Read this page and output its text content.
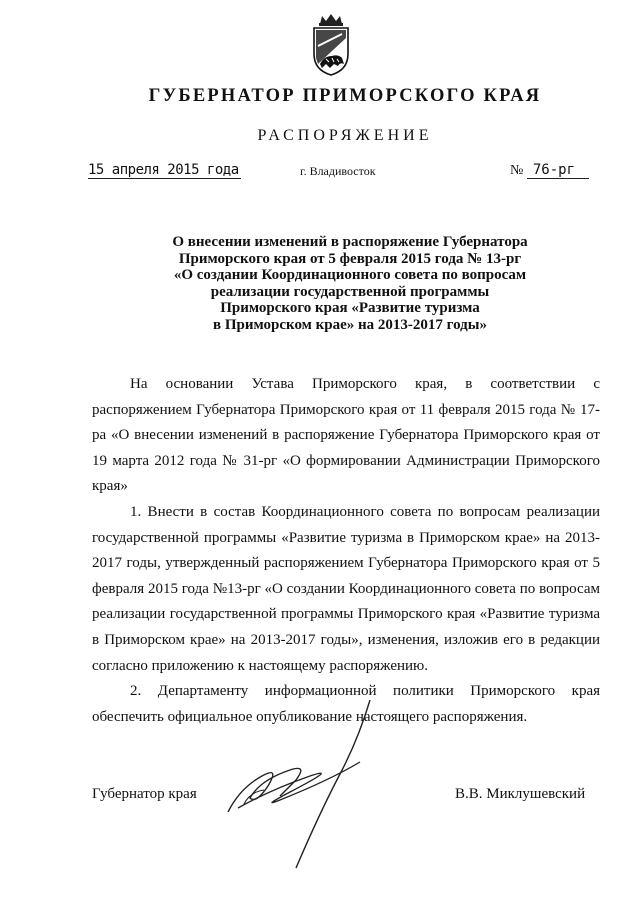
ГУБЕРНАТОР ПРИМОРСКОГО КРАЯ
РАСПОРЯЖЕНИЕ
15 апреля 2015 года	г. Владивосток	№ 76-рг
О внесении изменений в распоряжение Губернатора
Приморского края от 5 февраля 2015 года № 13-рг
«О создании Координационного совета по вопросам
реализации государственной программы
Приморского края «Развитие туризма
в Приморском крае» на 2013-2017 годы»

На основании Устава Приморского края, в соответствии с распоряжением Губернатора Приморского края от 11 февраля 2015 года № 17-ра «О внесении изменений в распоряжение Губернатора Приморского края от 19 марта 2012 года № 31-рг «О формировании Администрации Приморского края»

1. Внести в состав Координационного совета по вопросам реализации государственной программы «Развитие туризма в Приморском крае» на 2013-2017 годы, утвержденный распоряжением Губернатора Приморского края от 5 февраля 2015 года №13-рг «О создании Координационного совета по вопросам реализации государственной программы Приморского края «Развитие туризма в Приморском крае» на 2013-2017 годы», изменения, изложив его в редакции согласно приложению к настоящему распоряжению.

2. Департаменту информационной политики Приморского края обеспечить официальное опубликование настоящего распоряжения.

Губернатор края	В.В. Миклушевский
